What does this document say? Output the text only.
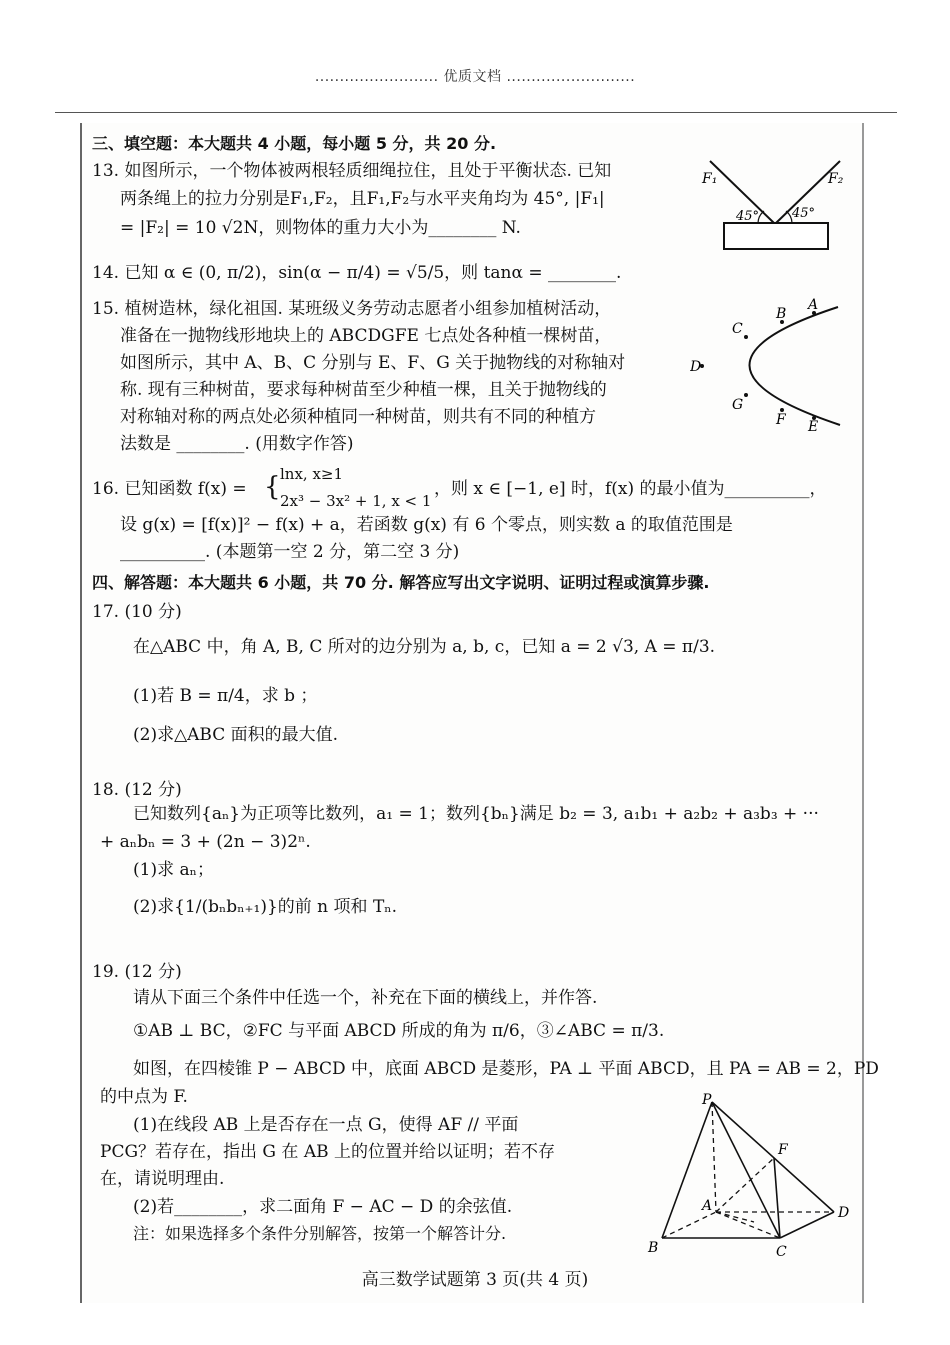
......................... 优质文档 ..........................
三、填空题：本大题共 4 小题，每小题 5 分，共 20 分.
13. 如图所示，一个物体被两根轻质细绳拉住，且处于平衡状态. 已知
两条绳上的拉力分别是F₁,F₂，且F₁,F₂与水平夹角均为 45°, |F₁|
= |F₂| = 10 √2N，则物体的重力大小为________ N.
F₁	F₂
45°	45°
14. 已知 α ∈ (0, π/2)，sin(α − π/4) = √5/5，则 tanα = ________.
15. 植树造林，绿化祖国. 某班级义务劳动志愿者小组参加植树活动，
准备在一抛物线形地块上的 ABCDGFE 七点处各种植一棵树苗，
如图所示，其中 A、B、C 分别与 E、F、G 关于抛物线的对称轴对
称. 现有三种树苗，要求每种树苗至少种植一棵，且关于抛物线的
对称轴对称的两点处必须种植同一种树苗，则共有不同的种植方
法数是 ________. (用数字作答)
A
B
C
D
G
F E
16. 已知函数 f(x) = { lnx, x≥1
2x³ − 3x² + 1, x < 1
，则 x ∈ [−1, e] 时，f(x) 的最小值为__________，
设 g(x) = [f(x)]² − f(x) + a，若函数 g(x) 有 6 个零点，则实数 a 的取值范围是
__________. (本题第一空 2 分，第二空 3 分)
四、解答题：本大题共 6 小题，共 70 分. 解答应写出文字说明、证明过程或演算步骤.
17. (10 分)
在△ABC 中，角 A, B, C 所对的边分别为 a, b, c，已知 a = 2 √3, A = π/3.
(1)若 B = π/4，求 b ；
(2)求△ABC 面积的最大值.
18. (12 分)
已知数列{aₙ}为正项等比数列，a₁ = 1；数列{bₙ}满足 b₂ = 3, a₁b₁ + a₂b₂ + a₃b₃ + ···
+ aₙbₙ = 3 + (2n − 3)2ⁿ.
(1)求 aₙ；
(2)求{1/(bₙbₙ₊₁)}的前 n 项和 Tₙ.
19. (12 分)
请从下面三个条件中任选一个，补充在下面的横线上，并作答.
①AB ⊥ BC，②FC 与平面 ABCD 所成的角为 π/6，③∠ABC = π/3.
如图，在四棱锥 P − ABCD 中，底面 ABCD 是菱形，PA ⊥ 平面 ABCD，且 PA = AB = 2，PD
的中点为 F.
(1)在线段 AB 上是否存在一点 G，使得 AF // 平面
PCG？若存在，指出 G 在 AB 上的位置并给以证明；若不存
在，请说明理由.
(2)若________，求二面角 F − AC − D 的余弦值.
注：如果选择多个条件分别解答，按第一个解答计分.
P
F
A	D
B	C
高三数学试题第 3 页(共 4 页)
